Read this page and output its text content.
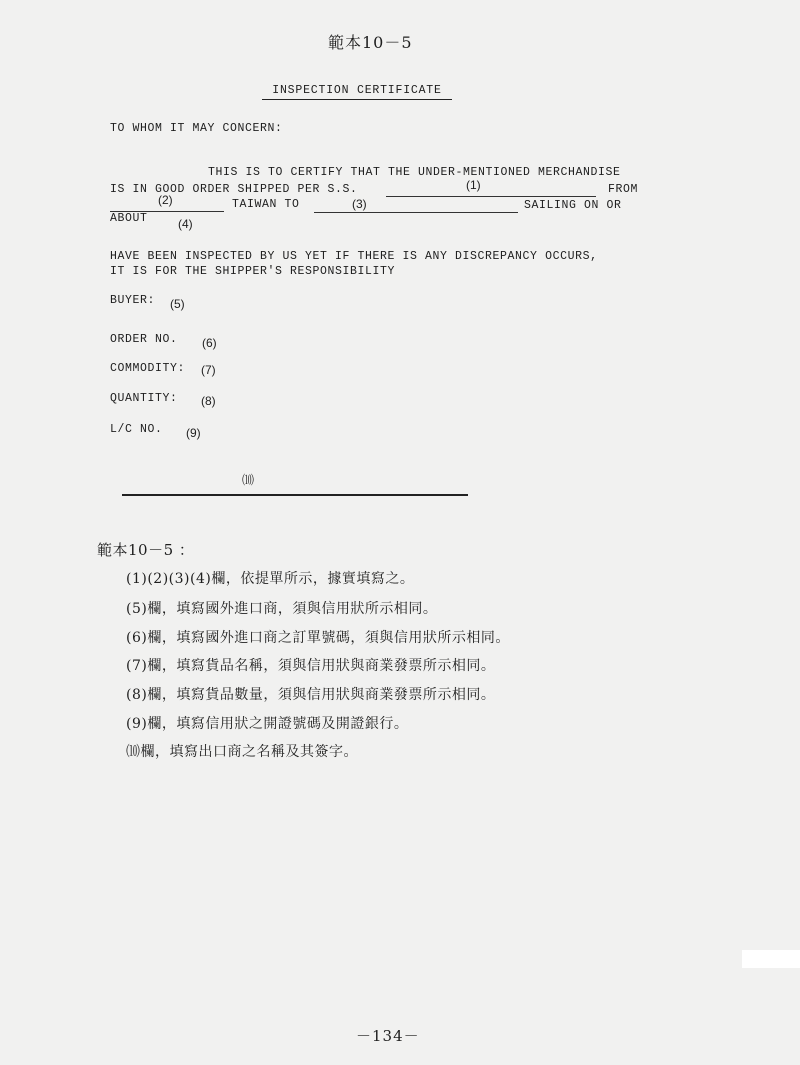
範本10－5
INSPECTION CERTIFICATE
TO WHOM IT MAY CONCERN:
THIS IS TO CERTIFY THAT THE UNDER-MENTIONED MERCHANDISE
IS IN GOOD ORDER SHIPPED PER S.S.	(1)	FROM
(2)	TAIWAN TO	(3)	SAILING ON OR
ABOUT	(4)
HAVE BEEN INSPECTED BY US YET IF THERE IS ANY DISCREPANCY OCCURS,
IT IS FOR THE SHIPPER'S RESPONSIBILITY
BUYER: (5)
ORDER NO. (6)
COMMODITY: (7)
QUANTITY: (8)
L/C NO. (9)
⑽
範本10－5 ：
(1)(2)(3)(4)欄，依提單所示，據實填寫之。
(5)欄，填寫國外進口商，須與信用狀所示相同。
(6)欄，填寫國外進口商之訂單號碼，須與信用狀所示相同。
(7)欄，填寫貨品名稱，須與信用狀與商業發票所示相同。
(8)欄，填寫貨品數量，須與信用狀與商業發票所示相同。
(9)欄，填寫信用狀之開證號碼及開證銀行。
⑽欄，填寫出口商之名稱及其簽字。
－134－
